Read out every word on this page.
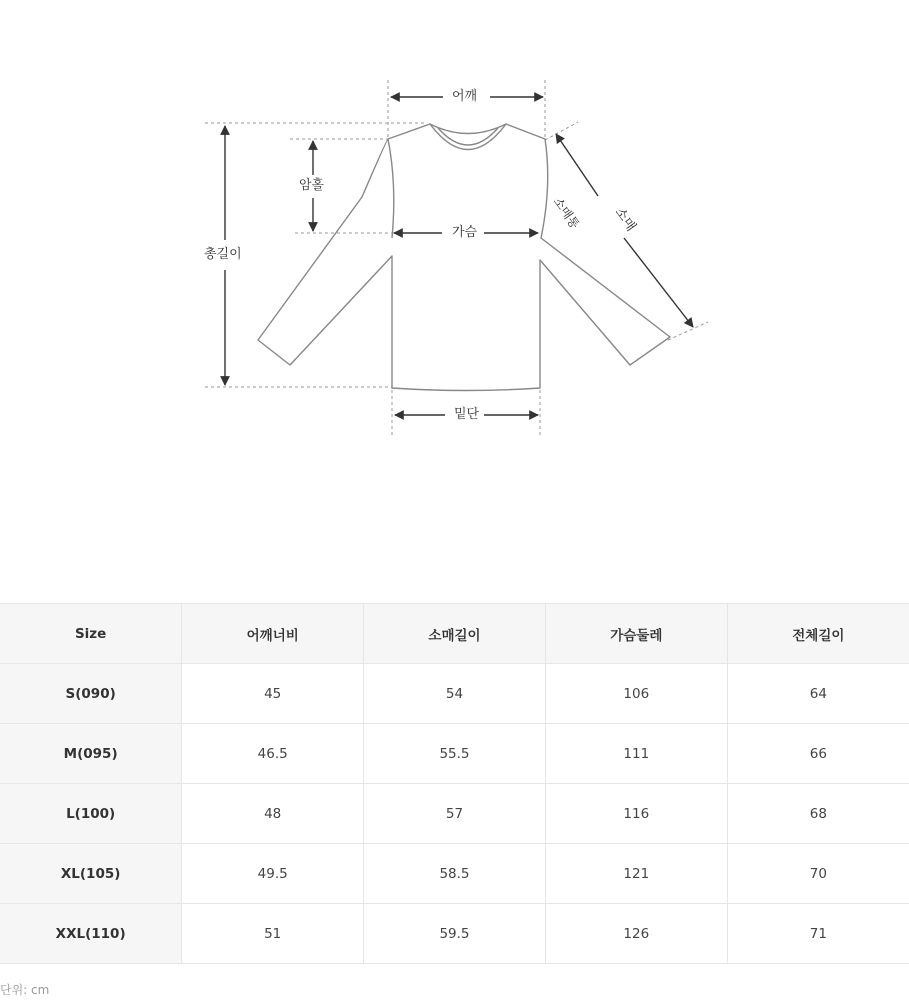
어깨
암홀
총길이
가슴
소매통 소매
밑단
Size	어깨너비	소매길이	가슴둘레	전체길이
S(090)	45	54	106	64
M(095)	46.5	55.5	111	66
L(100)	48	57	116	68
XL(105)	49.5	58.5	121	70
XXL(110)	51	59.5	126	71
단위: cm
